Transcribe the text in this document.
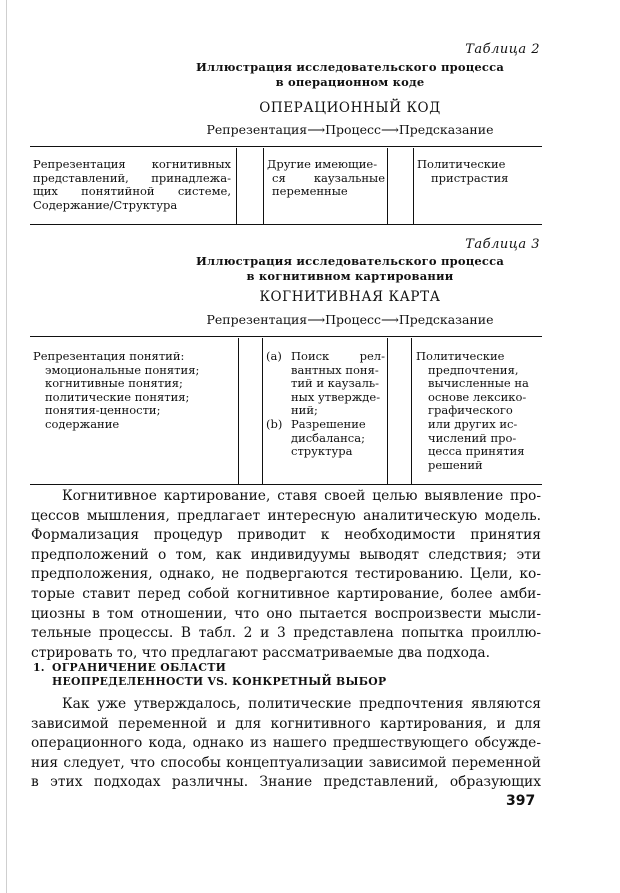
Таблица 2
Иллюстрация исследовательского процесса
в операционном коде
ОПЕРАЦИОННЫЙ КОД
Репрезентация⟶Процесс⟶Предсказание
Репрезентация когнитивных
представлений, принадлежа-
щих понятийной системе,
Содержание/Структура
Другие имеющие-
ся каузальные
переменные
Политические
пристрастия
Таблица 3
Иллюстрация исследовательского процесса
в когнитивном картировании
КОГНИТИВНАЯ КАРТА
Репрезентация⟶Процесс⟶Предсказание
Репрезентация понятий:
эмоциональные понятия;
когнитивные понятия;
политические понятия;
понятия-ценности;
содержание
(a) Поиск рел-
вантных поня-
тий и каузаль-
ных утвержде-
ний;
(b) Разрешение
дисбаланса;
структура
Политические
предпочтения,
вычисленные на
основе лексико-
графического
или других ис-
числений про-
цесса принятия
решений
Когнитивное картирование, ставя своей целью выявление про-
цессов мышления, предлагает интересную аналитическую модель.
Формализация процедур приводит к необходимости принятия
предположений о том, как индивидуумы выводят следствия; эти
предположения, однако, не подвергаются тестированию. Цели, ко-
торые ставит перед собой когнитивное картирование, более амби-
циозны в том отношении, что оно пытается воспроизвести мысли-
тельные процессы. В табл. 2 и 3 представлена попытка проиллю-
стрировать то, что предлагают рассматриваемые два подхода.
1. ОГРАНИЧЕНИЕ ОБЛАСТИ
НЕОПРЕДЕЛЕННОСТИ VS. КОНКРЕТНЫЙ ВЫБОР
Как уже утверждалось, политические предпочтения являются
зависимой переменной и для когнитивного картирования, и для
операционного кода, однако из нашего предшествующего обсужде-
ния следует, что способы концептуализации зависимой переменной
в этих подходах различны. Знание представлений, образующих
397
